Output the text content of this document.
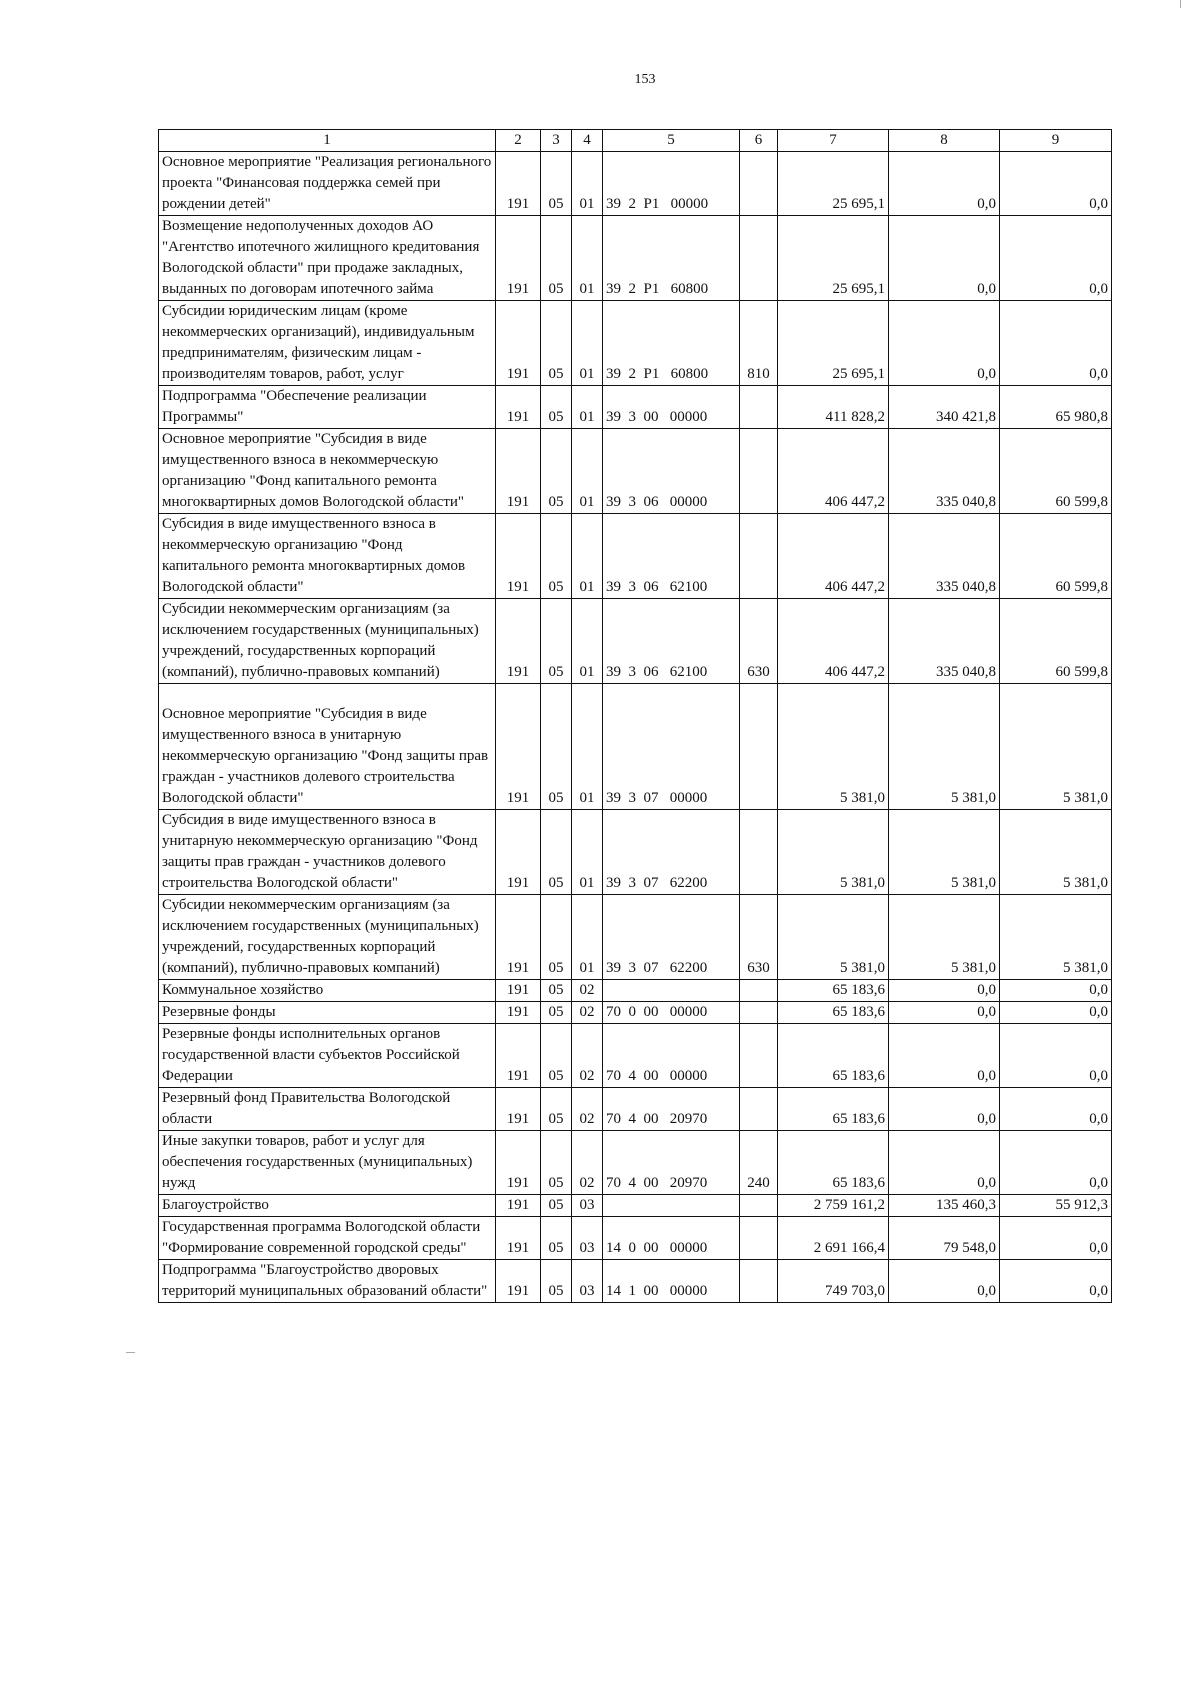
153
1	2	3	4	5	6	7	8	9
Основное мероприятие "Реализация регионального проекта "Финансовая поддержка семей при рождении детей"	191	05	01	39  2  P1   00000		25 695,1	0,0	0,0
Возмещение недополученных доходов АО "Агентство ипотечного жилищного кредитования Вологодской области" при продаже закладных, выданных по договорам ипотечного займа	191	05	01	39  2  P1   60800		25 695,1	0,0	0,0
Субсидии юридическим лицам (кроме некоммерческих организаций), индивидуальным предпринимателям, физическим лицам - производителям товаров, работ, услуг	191	05	01	39  2  P1   60800	810	25 695,1	0,0	0,0
Подпрограмма "Обеспечение реализации Программы"	191	05	01	39  3  00   00000		411 828,2	340 421,8	65 980,8
Основное мероприятие "Субсидия в виде имущественного взноса в некоммерческую организацию "Фонд капитального ремонта многоквартирных домов Вологодской области"	191	05	01	39  3  06   00000		406 447,2	335 040,8	60 599,8
Субсидия в виде имущественного взноса в некоммерческую организацию "Фонд капитального ремонта многоквартирных домов Вологодской области"	191	05	01	39  3  06   62100		406 447,2	335 040,8	60 599,8
Субсидии некоммерческим организациям (за исключением государственных (муниципальных) учреждений, государственных корпораций (компаний), публично-правовых компаний)	191	05	01	39  3  06   62100	630	406 447,2	335 040,8	60 599,8
Основное мероприятие "Субсидия в виде имущественного взноса в унитарную некоммерческую организацию "Фонд защиты прав граждан - участников долевого строительства Вологодской области"	191	05	01	39  3  07   00000		5 381,0	5 381,0	5 381,0
Субсидия в виде имущественного взноса в унитарную некоммерческую организацию "Фонд защиты прав граждан - участников долевого строительства Вологодской области"	191	05	01	39  3  07   62200		5 381,0	5 381,0	5 381,0
Субсидии некоммерческим организациям (за исключением государственных (муниципальных) учреждений, государственных корпораций (компаний), публично-правовых компаний)	191	05	01	39  3  07   62200	630	5 381,0	5 381,0	5 381,0
Коммунальное хозяйство	191	05	02			65 183,6	0,0	0,0
Резервные фонды	191	05	02	70  0  00   00000		65 183,6	0,0	0,0
Резервные фонды исполнительных органов государственной власти субъектов Российской Федерации	191	05	02	70  4  00   00000		65 183,6	0,0	0,0
Резервный фонд Правительства Вологодской области	191	05	02	70  4  00   20970		65 183,6	0,0	0,0
Иные закупки товаров, работ и услуг для обеспечения государственных (муниципальных) нужд	191	05	02	70  4  00   20970	240	65 183,6	0,0	0,0
Благоустройство	191	05	03			2 759 161,2	135 460,3	55 912,3
Государственная программа Вологодской области "Формирование современной городской среды"	191	05	03	14  0  00   00000		2 691 166,4	79 548,0	0,0
Подпрограмма "Благоустройство дворовых территорий муниципальных образований области"	191	05	03	14  1  00   00000		749 703,0	0,0	0,0
